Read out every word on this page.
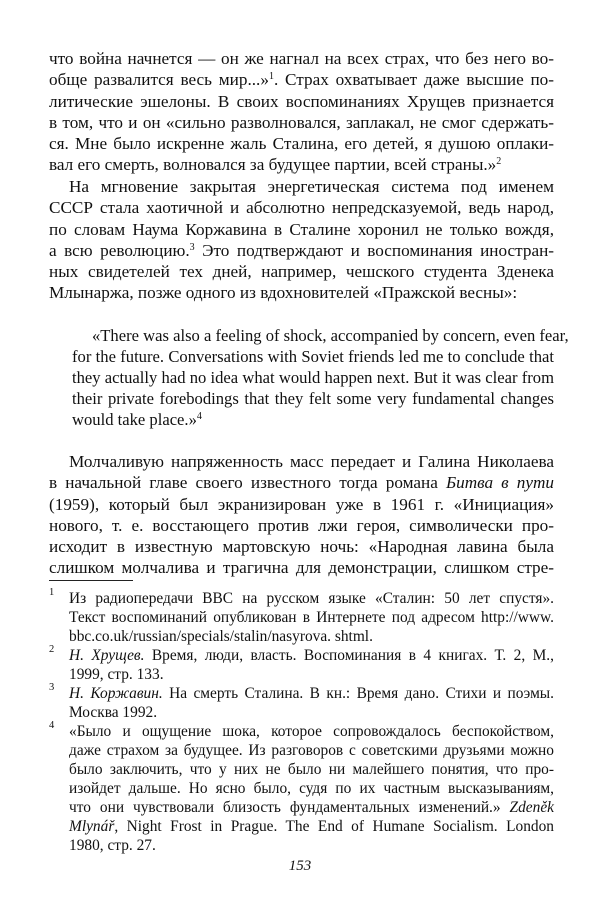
что война начнется — он же нагнал на всех страх, что без него во-
обще развалится весь мир...»$^1$. Страх охватывает даже высшие по-
литические эшелоны. В своих воспоминаниях Хрущев признается
в том, что и он «сильно разволновался, заплакал, не смог сдержать-
ся. Мне было искренне жаль Сталина, его детей, я душою оплаки-
вал его смерть, волновался за будущее партии, всей страны.»$^2$
На мгновение закрытая энергетическая система под именем
СССР стала хаотичной и абсолютно непредсказуемой, ведь народ,
по словам Наума Коржавина в Сталине хоронил не только вождя,
а всю революцию.$^3$ Это подтверждают и воспоминания иностран-
ных свидетелей тех дней, например, чешского студента Зденека
Млынаржа, позже одного из вдохновителей «Пражской весны»:
«There was also a feeling of shock, accompanied by concern, even fear,
for the future. Conversations with Soviet friends led me to conclude that
they actually had no idea what would happen next. But it was clear from
their private forebodings that they felt some very fundamental changes
would take place.»$^4$
Молчаливую напряженность масс передает и Галина Николаева
в начальной главе своего известного тогда романа Битва в пути
(1959), который был экранизирован уже в 1961 г. «Инициация»
нового, т. е. восстающего против лжи героя, символически про-
исходит в известную мартовскую ночь: «Народная лавина была
слишком молчалива и трагична для демонстрации, слишком стре-
1 Из радиопередачи BBC на русском языке «Сталин: 50 лет спустя».
Текст воспоминаний опубликован в Интернете под адресом http://www.
bbc.co.uk/russian/specials/stalin/nasyrova. shtml.
2 Н. Хрущев. Время, люди, власть. Воспоминания в 4 книгах. Т. 2, М.,
1999, стр. 133.
3 Н. Коржавин. На смерть Сталина. В кн.: Время дано. Стихи и поэмы.
Москва 1992.
4 «Было и ощущение шока, которое сопровождалось беспокойством,
даже страхом за будущее. Из разговоров с советскими друзьями можно
было заключить, что у них не было ни малейшего понятия, что про-
изойдет дальше. Но ясно было, судя по их частным высказываниям,
что они чувствовали близость фундаментальных изменений.» Zdeněk
Mlynář, Night Frost in Prague. The End of Humane Socialism. London
1980, стр. 27.
153
